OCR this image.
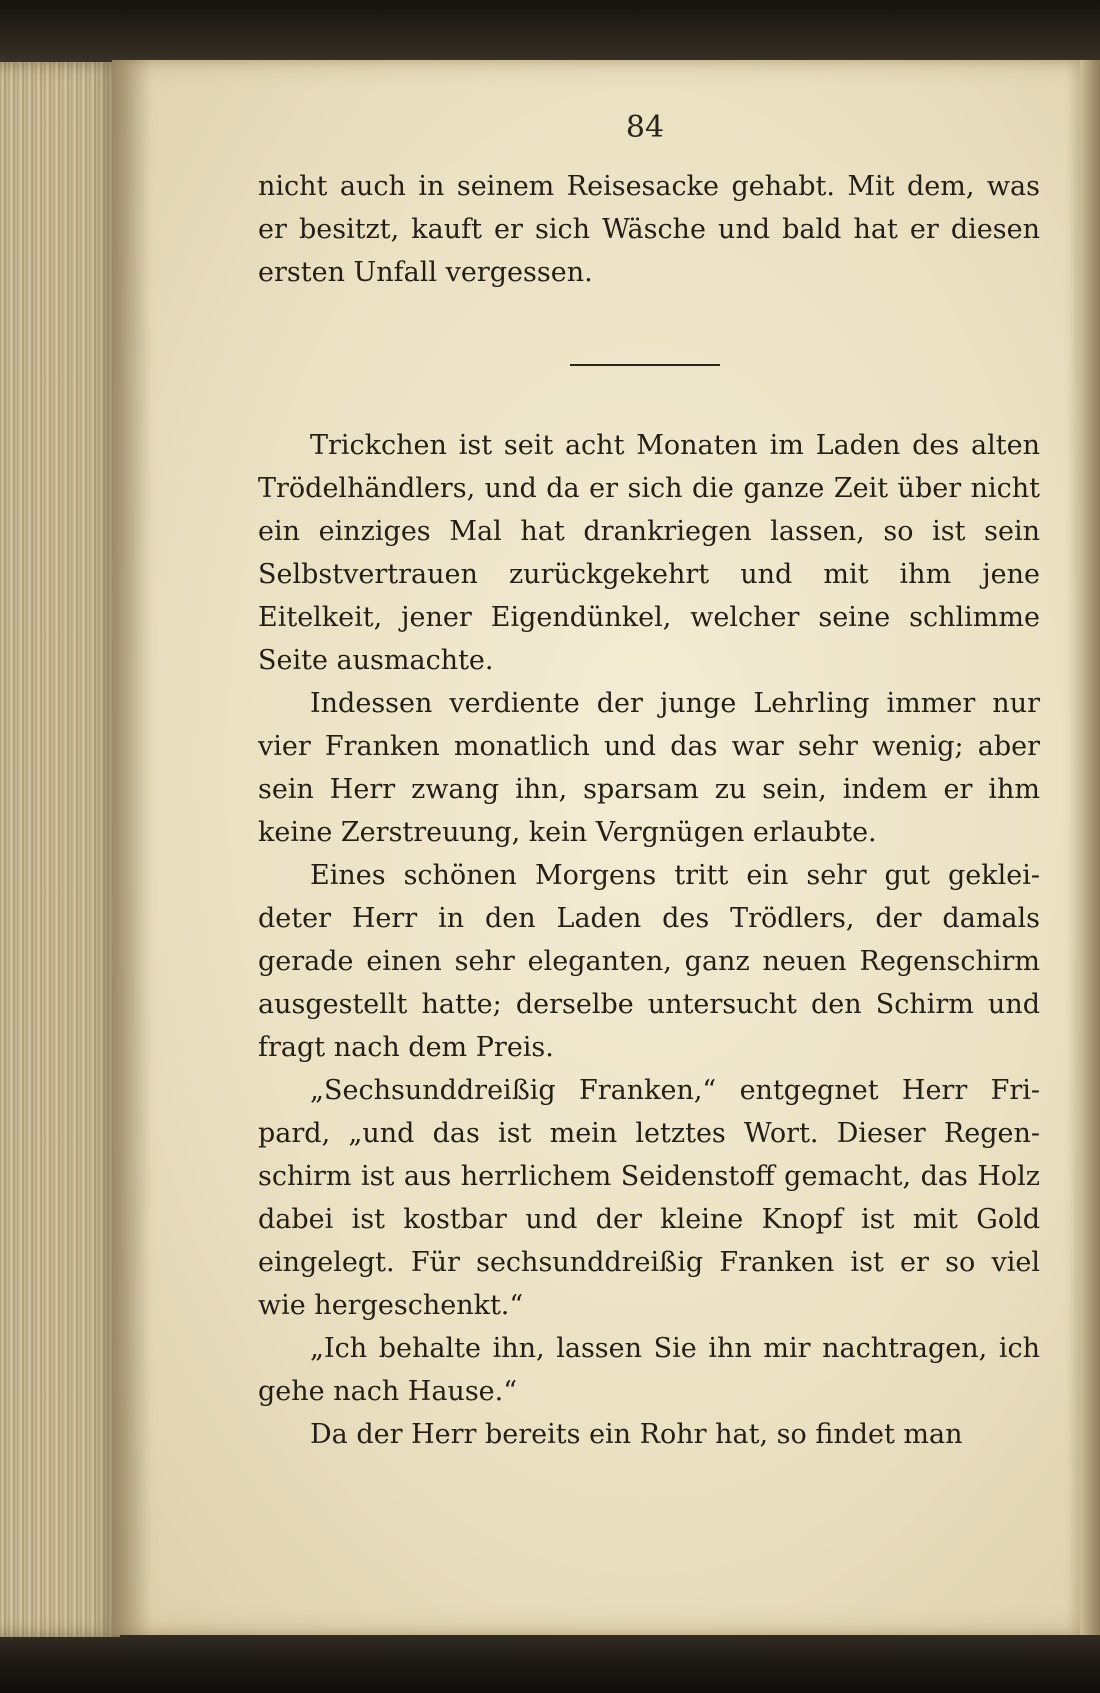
84

nicht auch in seinem Reisesacke gehabt. Mit dem, was er besitzt, kauft er sich Wäsche und bald hat er diesen ersten Unfall vergessen.

Trickchen ist seit acht Monaten im Laden des alten Trödelhändlers, und da er sich die ganze Zeit über nicht ein einziges Mal hat drankriegen lassen, so ist sein Selbstvertrauen zurückgekehrt und mit ihm jene Eitelkeit, jener Eigendünkel, welcher seine schlimme Seite ausmachte.

Indessen verdiente der junge Lehrling immer nur vier Franken monatlich und das war sehr wenig; aber sein Herr zwang ihn, sparsam zu sein, indem er ihm keine Zerstreuung, kein Vergnügen erlaubte.

Eines schönen Morgens tritt ein sehr gut geklei- deter Herr in den Laden des Trödlers, der damals gerade einen sehr eleganten, ganz neuen Regenschirm ausgestellt hatte; derselbe untersucht den Schirm und fragt nach dem Preis.

„Sechsunddreißig Franken,“ entgegnet Herr Fri- pard, „und das ist mein letztes Wort. Dieser Regen- schirm ist aus herrlichem Seidenstoff gemacht, das Holz dabei ist kostbar und der kleine Knopf ist mit Gold eingelegt. Für sechsunddreißig Franken ist er so viel wie hergeschenkt.“

„Ich behalte ihn, lassen Sie ihn mir nachtragen, ich gehe nach Hause.“

Da der Herr bereits ein Rohr hat, so findet man
